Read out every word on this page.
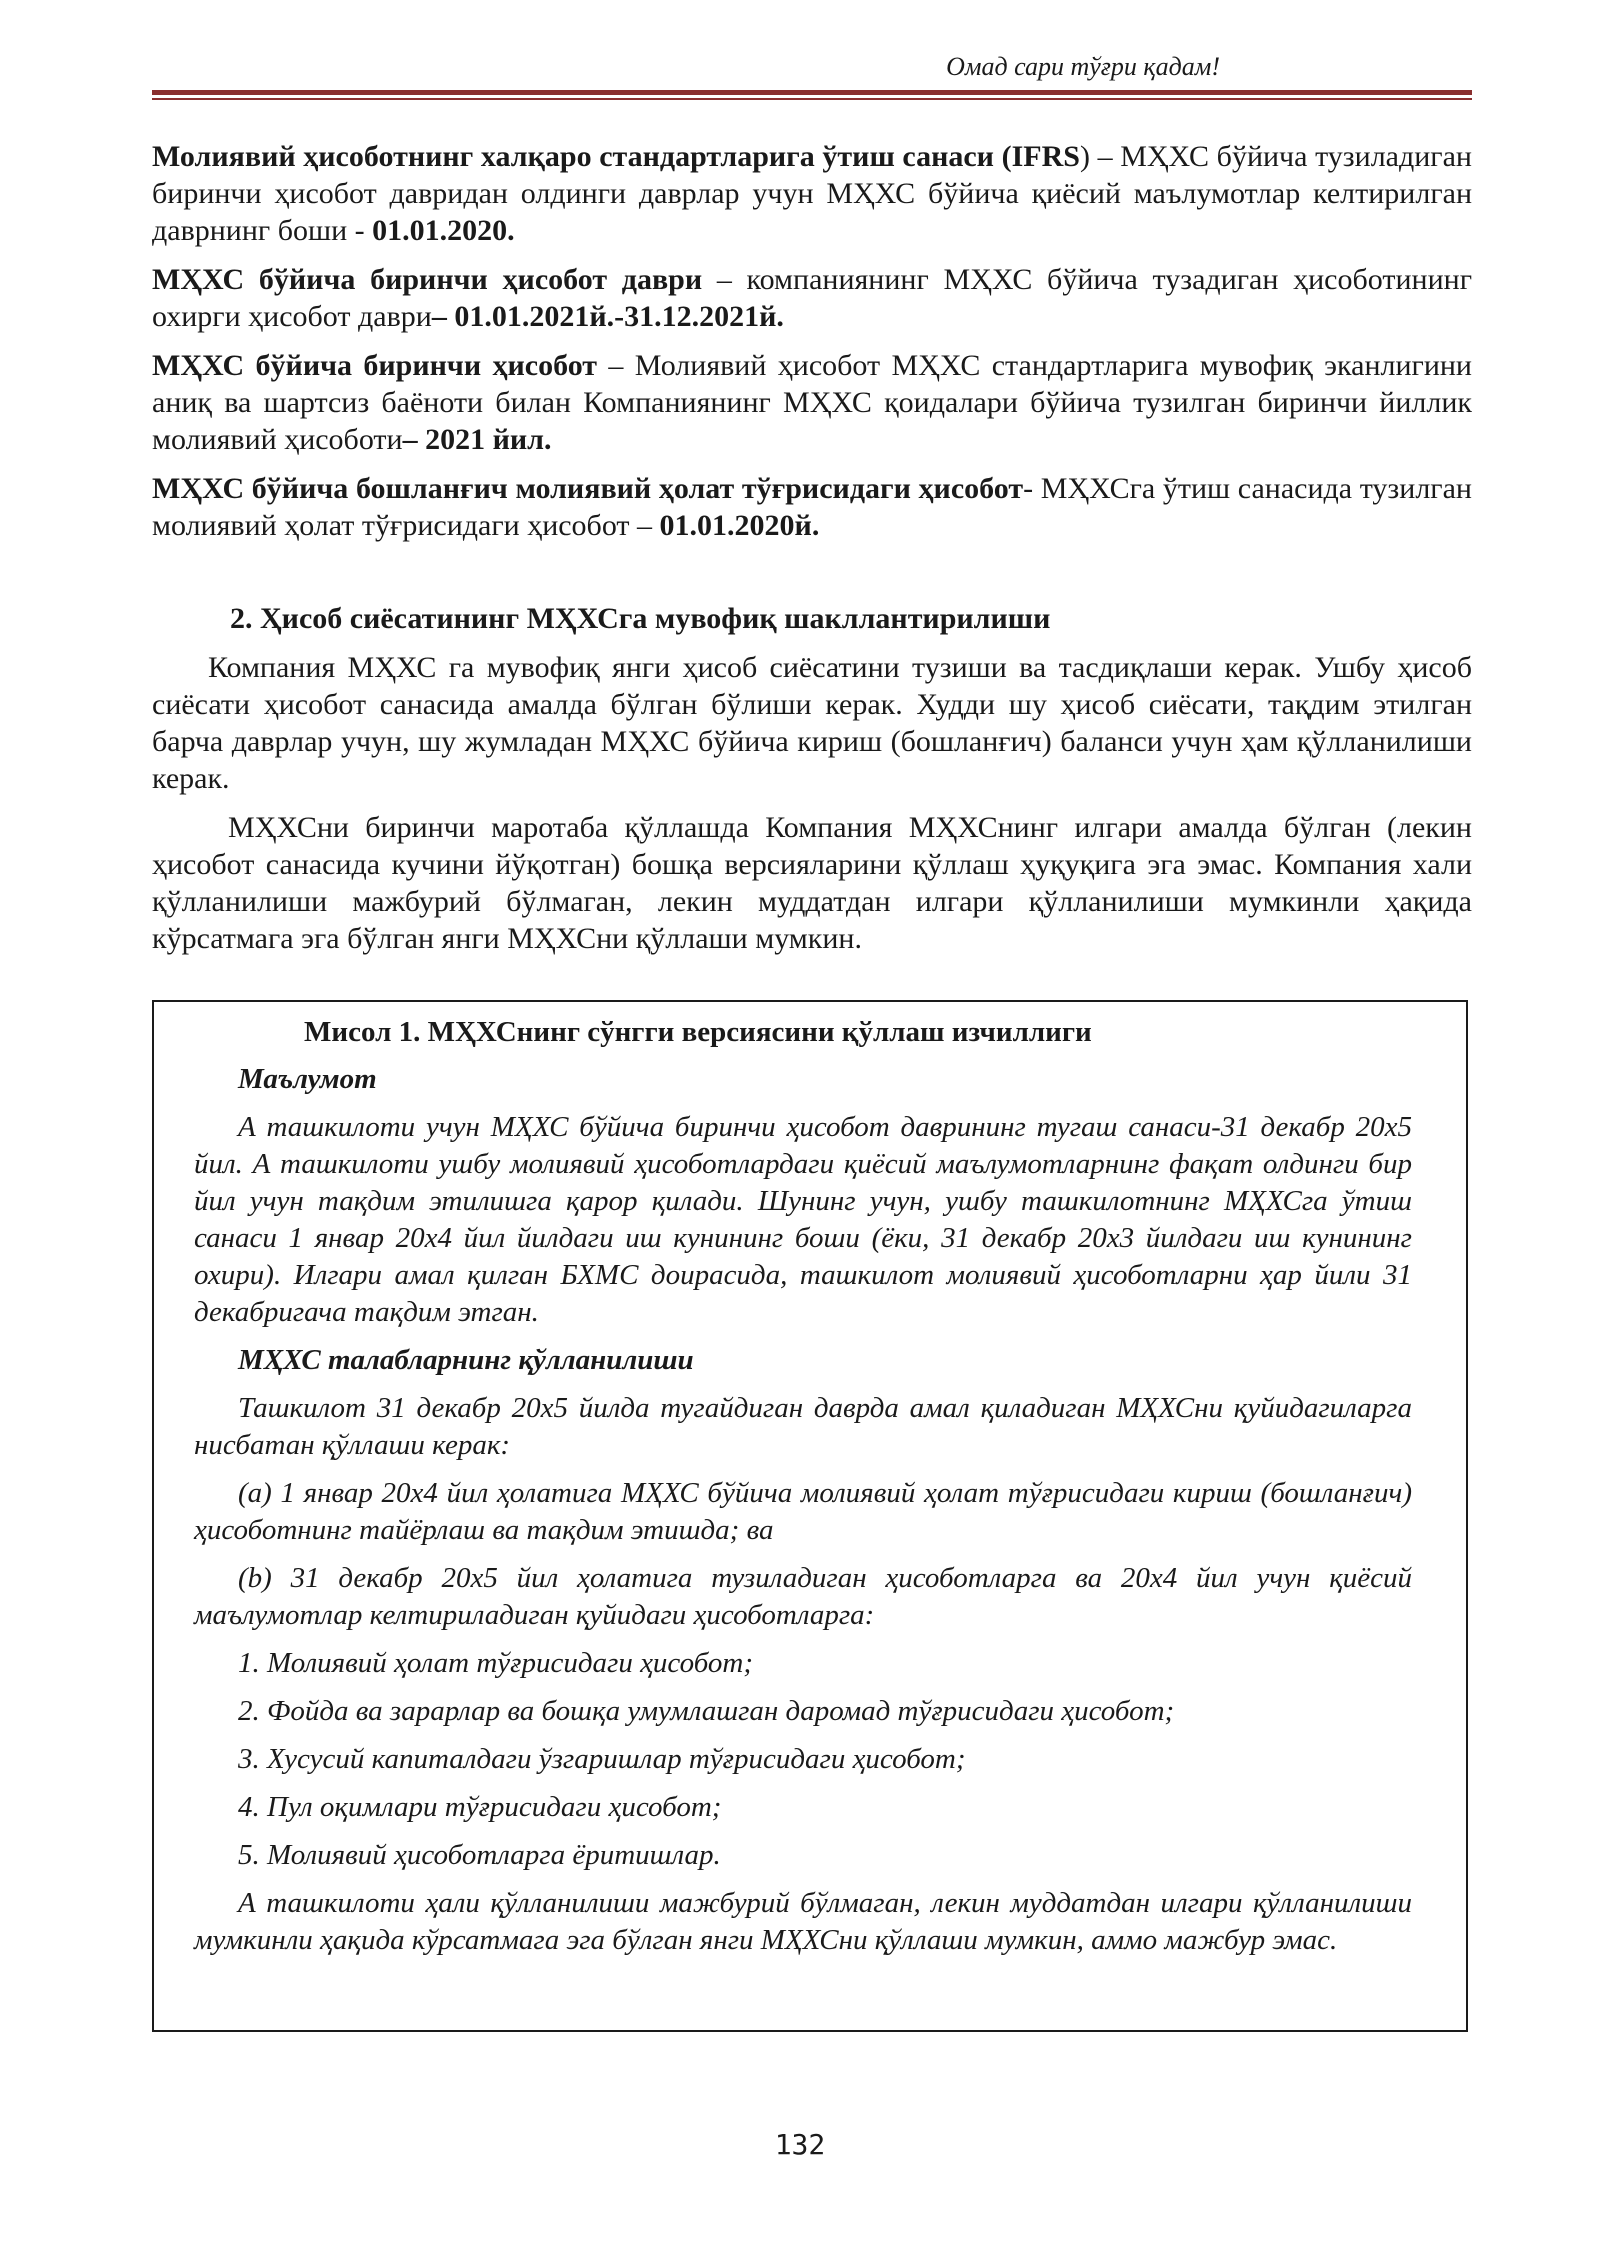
Омад сари тўғри қадам!

Молиявий ҳисоботнинг халқаро стандартларига ўтиш санаси (IFRS) – МҲХС бўйича тузиладиган биринчи ҳисобот давридан олдинги даврлар учун МҲХС бўйича қиёсий маълумотлар келтирилган даврнинг боши - 01.01.2020.

МҲХС бўйича биринчи ҳисобот даври – компаниянинг МҲХС бўйича тузадиган ҳисоботининг охирги ҳисобот даври– 01.01.2021й.-31.12.2021й.

МҲХС бўйича биринчи ҳисобот – Молиявий ҳисобот МҲХС стандартларига мувофиқ эканлигини аниқ ва шартсиз баёноти билан Компаниянинг МҲХС қоидалари бўйича тузилган биринчи йиллик молиявий ҳисоботи– 2021 йил.

МҲХС бўйича бошланғич молиявий ҳолат тўғрисидаги ҳисобот- МҲХСга ўтиш санасида тузилган молиявий ҳолат тўғрисидаги ҳисобот – 01.01.2020й.

2. Ҳисоб сиёсатининг МҲХСга мувофиқ шакллантирилиши

Компания МҲХС га мувофиқ янги ҳисоб сиёсатини тузиши ва тасдиқлаши керак. Ушбу ҳисоб сиёсати ҳисобот санасида амалда бўлган бўлиши керак. Худди шу ҳисоб сиёсати, тақдим этилган барча даврлар учун, шу жумладан МҲХС бўйича кириш (бошланғич) баланси учун ҳам қўлланилиши керак.

МҲХСни биринчи маротаба қўллашда Компания МҲХСнинг илгари амалда бўлган (лекин ҳисобот санасида кучини йўқотган) бошқа версияларини қўллаш ҳуқуқига эга эмас. Компания хали қўлланилиши мажбурий бўлмаган, лекин муддатдан илгари қўлланилиши мумкинли ҳақида кўрсатмага эга бўлган янги МҲХСни қўллаши мумкин.

Мисол 1. МҲХСнинг сўнгги версиясини қўллаш изчиллиги

Маълумот

А ташкилоти учун МҲХС бўйича биринчи ҳисобот даврининг тугаш санаси-31 декабр 20х5 йил. А ташкилоти ушбу молиявий ҳисоботлардаги қиёсий маълумотларнинг фақат олдинги бир йил учун тақдим этилишга қарор қилади. Шунинг учун, ушбу ташкилотнинг МҲХСга ўтиш санаси 1 январ 20х4 йил йилдаги иш кунининг боши (ёки, 31 декабр 20х3 йилдаги иш кунининг охири). Илгари амал қилган БХМС доирасида, ташкилот молиявий ҳисоботларни ҳар йили 31 декабригача тақдим этган.

МҲХС талабларнинг қўлланилиши

Ташкилот 31 декабр 20х5 йилда тугайдиган даврда амал қиладиган МҲХСни қуйидагиларга нисбатан қўллаши керак:

(а) 1 январ 20х4 йил ҳолатига МҲХС бўйича молиявий ҳолат тўғрисидаги кириш (бошланғич) ҳисоботнинг тайёрлаш ва тақдим этишда; ва

(b) 31 декабр 20х5 йил ҳолатига тузиладиган ҳисоботларга ва 20х4 йил учун қиёсий маълумотлар келтириладиган қуйидаги ҳисоботларга:

1. Молиявий ҳолат тўғрисидаги ҳисобот;

2. Фойда ва зарарлар ва бошқа умумлашган даромад тўғрисидаги ҳисобот;

3. Хусусий капиталдаги ўзгаришлар тўғрисидаги ҳисобот;

4. Пул оқимлари тўғрисидаги ҳисобот;

5. Молиявий ҳисоботларга ёритишлар.

А ташкилоти ҳали қўлланилиши мажбурий бўлмаган, лекин муддатдан илгари қўлланилиши мумкинли ҳақида кўрсатмага эга бўлган янги МҲХСни қўллаши мумкин, аммо мажбур эмас.

132
